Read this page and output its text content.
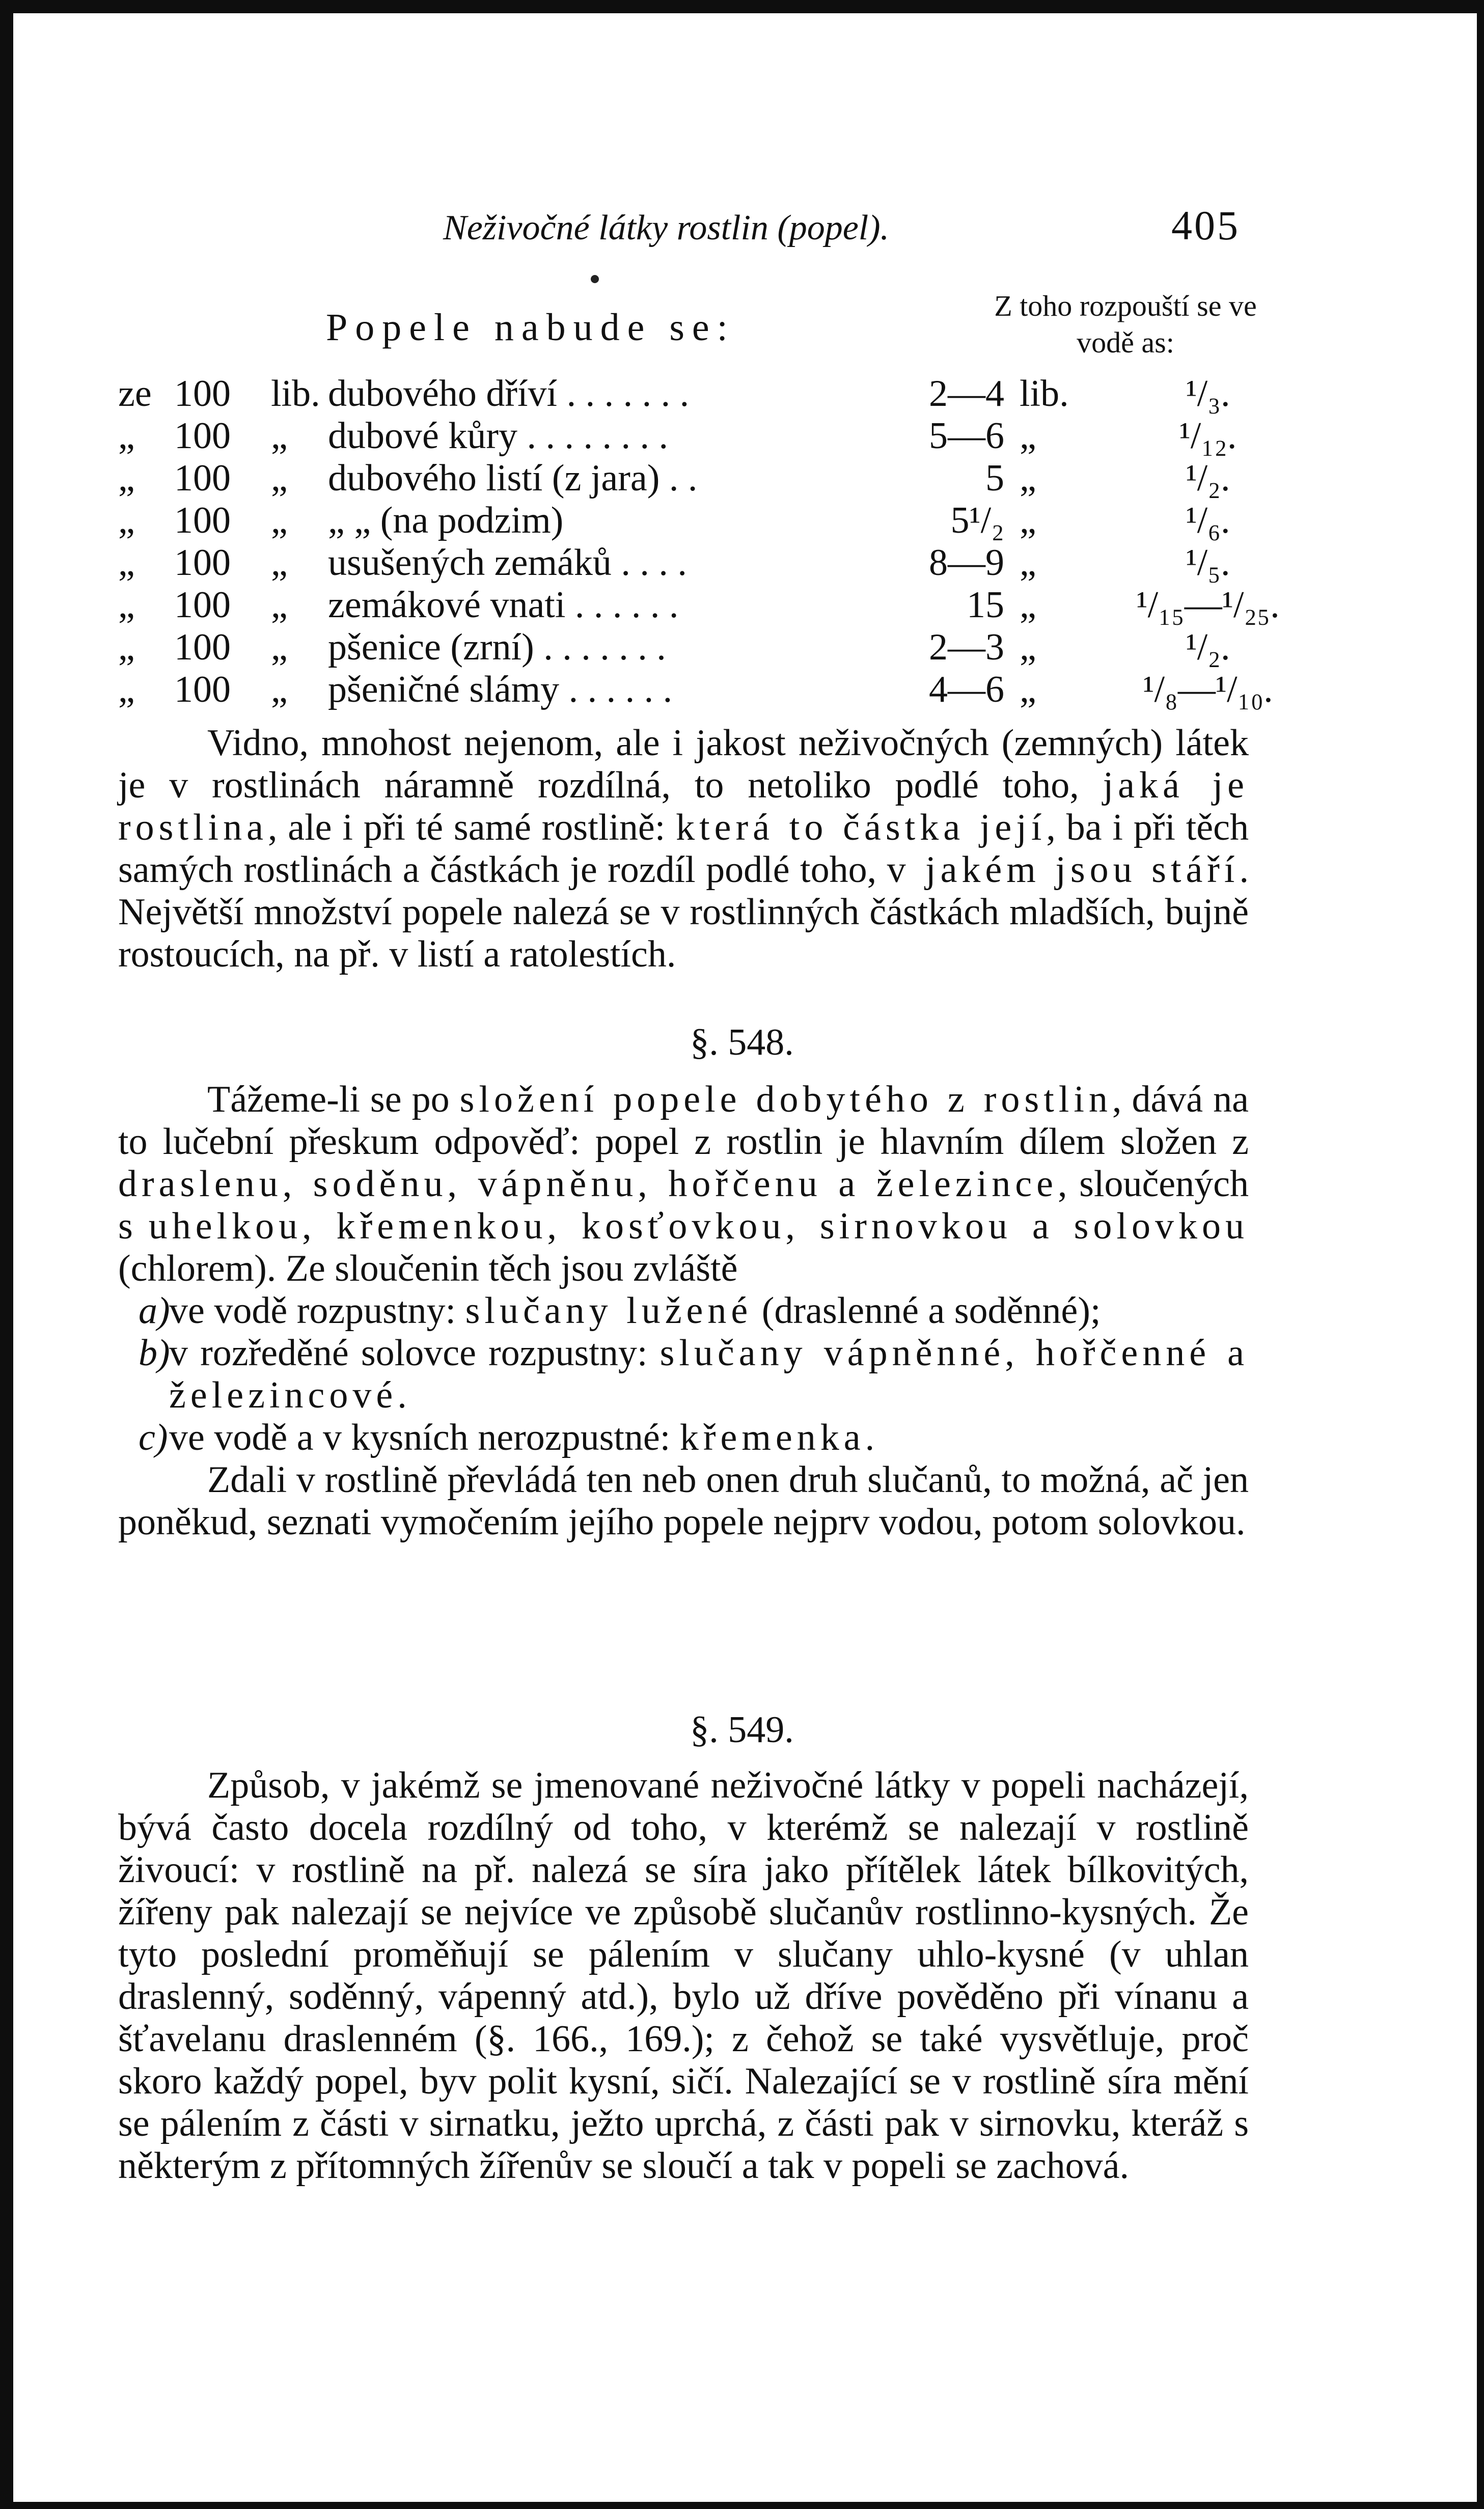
Neživočné látky rostlin (popel).	405
Popele nabude se:
Z toho rozpouští se ve vodě as:
ze 100 lib. dubového dříví . . . . . . .	2—4 lib.	¹/₃.
„	100 „ dubové kůry . . . . . . . .	5—6 „	¹/₁₂.
„	100 „ dubového listí (z jara) . .	5 „	¹/₂.
„	100 „ „ „ (na podzim)	5¹/₂ „	¹/₆.
„	100 „ usušených zemáků . . . .	8—9 „	¹/₅.
„	100 „ zemákové vnati . . . . . .	15 „	¹/₁₅—¹/₂₅.
„	100 „ pšenice (zrní) . . . . . . .	2—3 „	¹/₂.
„	100 „ pšeničné slámy . . . . . .	4—6 „	¹/₈—¹/₁₀.

Vidno, mnohost nejenom, ale i jakost neživočných (zemných) látek je v rostlinách náramně rozdílná, to netoliko podlé toho, jaká je rostlina, ale i při té samé rostlině: která to částka její, ba i při těch samých rostlinách a částkách je rozdíl podlé toho, v jakém jsou stáří. Největší množství popele nalezá se v rostlinných částkách mladších, bujně rostoucích, na př. v listí a ratolestích.

§. 548.

Tážeme-li se po složení popele dobytého z rostlin, dává na to lučební přeskum odpověď: popel z rostlin je hlavním dílem složen z draslenu, soděnu, vápněnu, hořčenu a železince, sloučených s uhelkou, křemenkou, kosťovkou, sirnovkou a solovkou (chlorem). Ze sloučenin těch jsou zvláště

a)
ve vodě rozpustny: slučany lužené (draslenné a soděnné);

b)
v rozředěné solovce rozpustny: slučany vápněnné, hořčenné a železincové.

c) ve vodě a v kysních nerozpustné: křemenka.

Zdali v rostlině převládá ten neb onen druh slučanů, to možná, ač jen poněkud, seznati vymočením jejího popele nejprv vodou, potom solovkou.

§. 549.

Způsob, v jakémž se jmenované neživočné látky v popeli nacházejí, bývá často docela rozdílný od toho, v kterémž se nalezají v rostlině živoucí: v rostlině na př. nalezá se síra jako přítělek látek bílkovitých, žířeny pak nalezají se nejvíce ve způsobě slučanův rostlinno-kysných. Že tyto poslední proměňují se pálením v slučany uhlo-kysné (v uhlan draslenný, soděnný, vápenný atd.), bylo už dříve pověděno při vínanu a šťavelanu draslenném (§. 166., 169.); z čehož se také vysvětluje, proč skoro každý popel, byv polit kysní, sičí. Nalezající se v rostlině síra mění se pálením z části v sirnatku, ježto uprchá, z části pak v sirnovku, kteráž s některým z přítomných žířenův se sloučí a tak v popeli se zachová.
